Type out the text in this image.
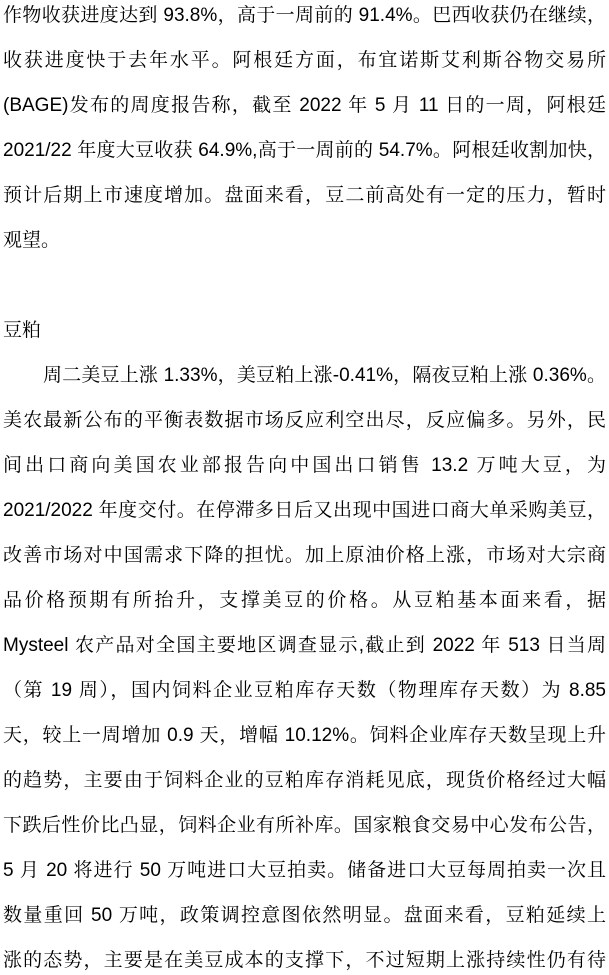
作物收获进度达到 93.8%，高于一周前的 91.4%。巴西收获仍在继续，
收获进度快于去年水平。阿根廷方面，布宜诺斯艾利斯谷物交易所
(BAGE)发布的周度报告称，截至 2022 年 5 月 11 日的一周，阿根廷
2021/22 年度大豆收获 64.9%,高于一周前的 54.7%。阿根廷收割加快，
预计后期上市速度增加。盘面来看，豆二前高处有一定的压力，暂时
观望。
豆粕
周二美豆上涨 1.33%，美豆粕上涨-0.41%，隔夜豆粕上涨 0.36%。
美农最新公布的平衡表数据市场反应利空出尽，反应偏多。另外，民
间出口商向美国农业部报告向中国出口销售 13.2 万吨大豆，为
2021/2022 年度交付。在停滞多日后又出现中国进口商大单采购美豆，
改善市场对中国需求下降的担忧。加上原油价格上涨，市场对大宗商
品价格预期有所抬升，支撑美豆的价格。从豆粕基本面来看，据
Mysteel 农产品对全国主要地区调查显示,截止到 2022 年 513 日当周
（第 19 周），国内饲料企业豆粕库存天数（物理库存天数）为 8.85
天，较上一周增加 0.9 天，增幅 10.12%。饲料企业库存天数呈现上升
的趋势，主要由于饲料企业的豆粕库存消耗见底，现货价格经过大幅
下跌后性价比凸显，饲料企业有所补库。国家粮食交易中心发布公告，
5 月 20 将进行 50 万吨进口大豆拍卖。储备进口大豆每周拍卖一次且
数量重回 50 万吨，政策调控意图依然明显。盘面来看，豆粕延续上
涨的态势，主要是在美豆成本的支撑下，不过短期上涨持续性仍有待
